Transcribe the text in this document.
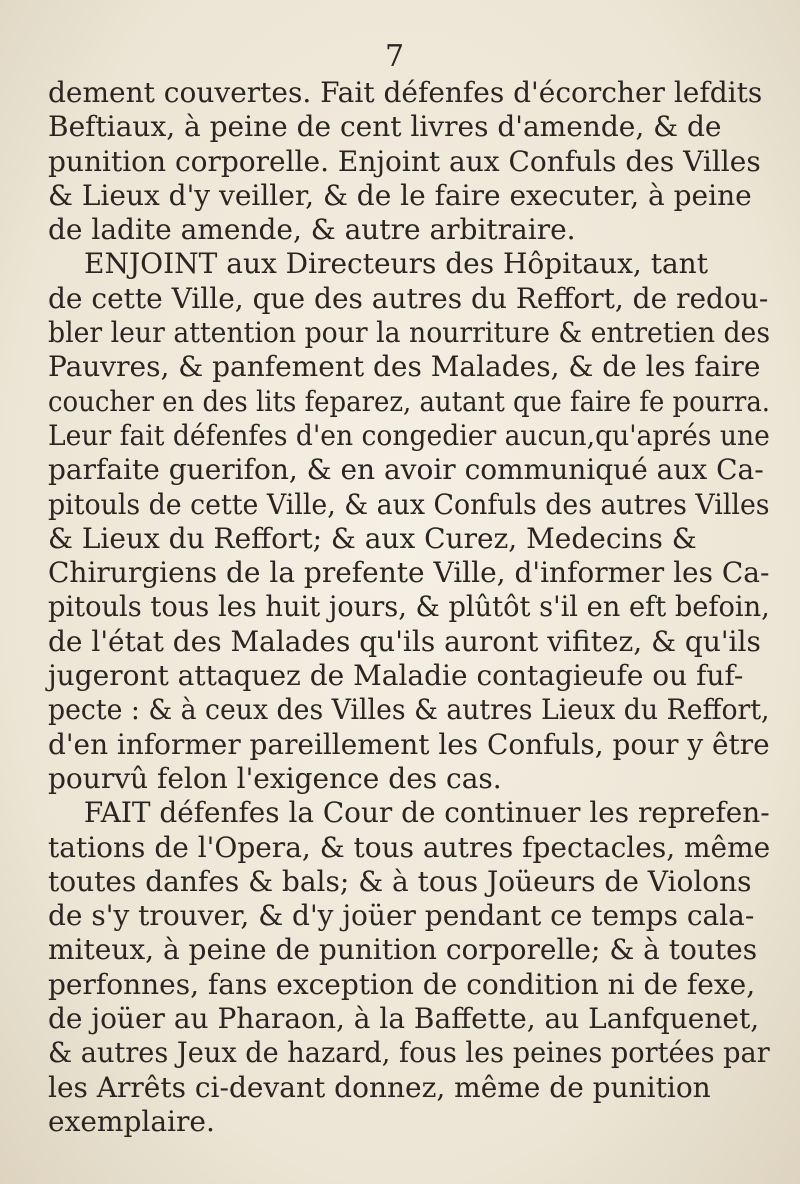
7
dement couvertes. Fait défenfes d'écorcher lefdits
Beftiaux, à peine de cent livres d'amende, & de
punition corporelle. Enjoint aux Confuls des Villes
& Lieux d'y veiller, & de le faire executer, à peine
de ladite amende, & autre arbitraire.
ENJOINT aux Directeurs des Hôpitaux, tant
de cette Ville, que des autres du Reffort, de redou-
bler leur attention pour la nourriture & entretien des
Pauvres, & panfement des Malades, & de les faire
coucher en des lits feparez, autant que faire fe pourra.
Leur fait défenfes d'en congedier aucun,qu'aprés une
parfaite guerifon, & en avoir communiqué aux Ca-
pitouls de cette Ville, & aux Confuls des autres Villes
& Lieux du Reffort; & aux Curez, Medecins &
Chirurgiens de la prefente Ville, d'informer les Ca-
pitouls tous les huit jours, & plûtôt s'il en eft befoin,
de l'état des Malades qu'ils auront vifitez, & qu'ils
jugeront attaquez de Maladie contagieufe ou fuf-
pecte : & à ceux des Villes & autres Lieux du Reffort,
d'en informer pareillement les Confuls, pour y être
pourvû felon l'exigence des cas.
FAIT défenfes la Cour de continuer les reprefen-
tations de l'Opera, & tous autres fpectacles, même
toutes danfes & bals; & à tous Joüeurs de Violons
de s'y trouver, & d'y joüer pendant ce temps cala-
miteux, à peine de punition corporelle; & à toutes
perfonnes, fans exception de condition ni de fexe,
de joüer au Pharaon, à la Baffette, au Lanfquenet,
& autres Jeux de hazard, fous les peines portées par
les Arrêts ci-devant donnez, même de punition
exemplaire.
